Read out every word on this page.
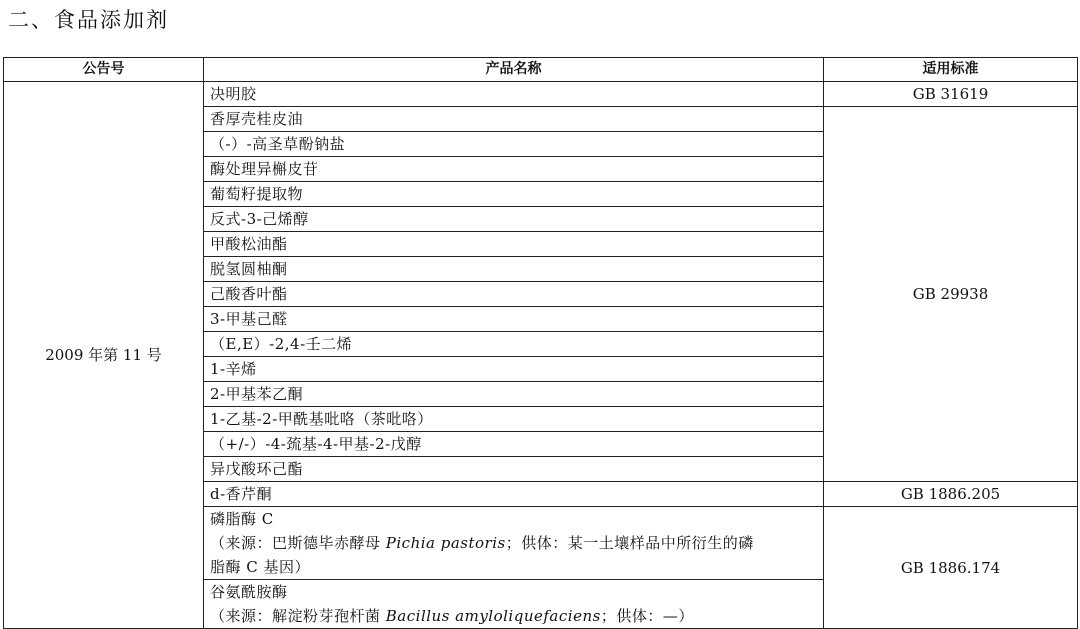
二、食品添加剂
公告号	产品名称	适用标准
2009 年第 11 号	决明胶	GB 31619
	香厚壳桂皮油	GB 29938
	（-）-高圣草酚钠盐	
	酶处理异槲皮苷	
	葡萄籽提取物	
	反式-3-己烯醇	
	甲酸松油酯	
	脱氢圆柚酮	
	己酸香叶酯	
	3-甲基己醛	
	（E,E）-2,4-壬二烯	
	1-辛烯	
	2-甲基苯乙酮	
	1-乙基-2-甲酰基吡咯（茶吡咯）	
	（+/-）-4-巯基-4-甲基-2-戊醇	
	异戊酸环己酯	
	d-香芹酮	GB 1886.205

	磷脂酶 C
（来源：巴斯德毕赤酵母 Pichia pastoris；供体：某一土壤样品中所衍生的磷
脂酶 C 基因）	GB 1886.174

	谷氨酰胺酶
（来源：解淀粉芽孢杆菌 Bacillus amyloliquefaciens；供体：—）	
